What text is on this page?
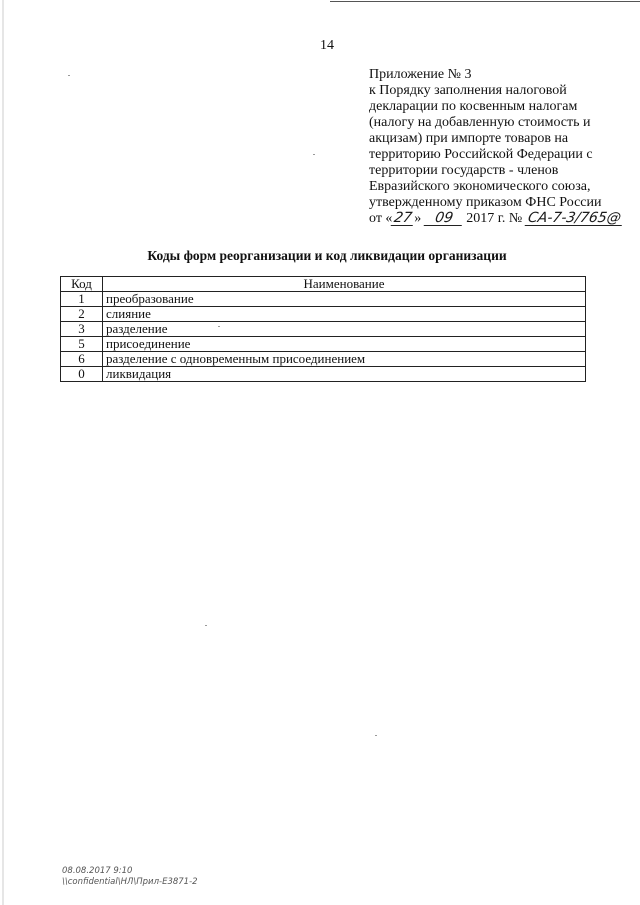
14
Приложение № 3
к Порядку заполнения налоговой
декларации по косвенным налогам
(налогу на добавленную стоимость и
акцизам) при импорте товаров на
территорию Российской Федерации с
территории государств - членов
Евразийского экономического союза,
утвержденному приказом ФНС России
от «27» 09 2017 г. № СА-7-3/765@
Коды форм реорганизации и код ликвидации организации
Код	Наименование
1	преобразование
2	слияние
3	разделение
5	присоединение
6	разделение с одновременным присоединением
0	ликвидация
08.08.2017 9:10
\\confidential\НЛ\Прил-Е3871-2
